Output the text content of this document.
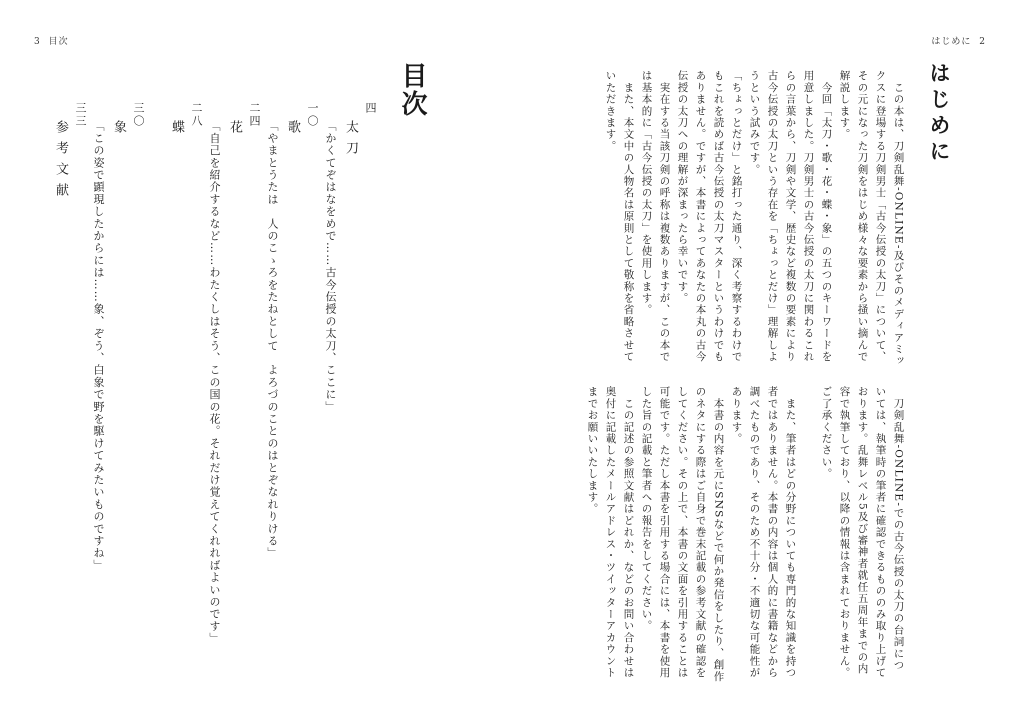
3 目次
目次
四
太刀
「かくてぞはなをめで……古今伝授の太刀、ここに」
一〇
歌
「やまとうたは　人のこゝろをたねとして　よろづのことのはとぞなれりける」
二四
花
「自己を紹介するなど……わたくしはそう、この国の花。それだけ覚えてくれればよいのです」
二八
蝶
三〇
象
「この姿で顕現したからには……象、ぞう、白象で野を駆けてみたいものですね」
三三
参考文献
はじめに 2
はじめに
　この本は、刀剣乱舞-ONLINE-及びそのメディアミッ
クスに登場する刀剣男士「古今伝授の太刀」について、
その元になった刀剣をはじめ様々な要素から掻い摘んで
解説します。
　今回「太刀・歌・花・蝶・象」の五つのキーワードを
用意しました。刀剣男士の古今伝授の太刀に関わるこれ
らの言葉から、刀剣や文学、歴史など複数の要素により
古今伝授の太刀という存在を「ちょっとだけ」理解しよ
うという試みです。
「ちょっとだけ」と銘打った通り、深く考察するわけで
もこれを読めば古今伝授の太刀マスターというわけでも
ありません。ですが、本書によってあなたの本丸の古今
伝授の太刀への理解が深まったら幸いです。
　実在する当該刀剣の呼称は複数ありますが、この本で
は基本的に「古今伝授の太刀」を使用します。
　また、本文中の人物名は原則として敬称を省略させて
いただきます。
　刀剣乱舞-ONLINE-での古今伝授の太刀の台詞につ
いては、執筆時の筆者に確認できるもののみ取り上げて
おります。乱舞レベル5及び審神者就任五周年までの内
容で執筆しており、以降の情報は含まれておりません。
ご了承ください。
　また、筆者はどの分野についても専門的な知識を持つ
者ではありません。本書の内容は個人的に書籍などから
調べたものであり、そのため不十分・不適切な可能性が
あります。
　本書の内容を元にSNSなどで何か発信をしたり、創作
のネタにする際はご自身で巻末記載の参考文献の確認を
してください。その上で、本書の文面を引用することは
可能です。ただし本書を引用する場合には、本書を使用
した旨の記載と筆者への報告をしてください。
　この記述の参照文献はどれか、などのお問い合わせは
奥付に記載したメールアドレス・ツイッターアカウント
までお願いいたします。
